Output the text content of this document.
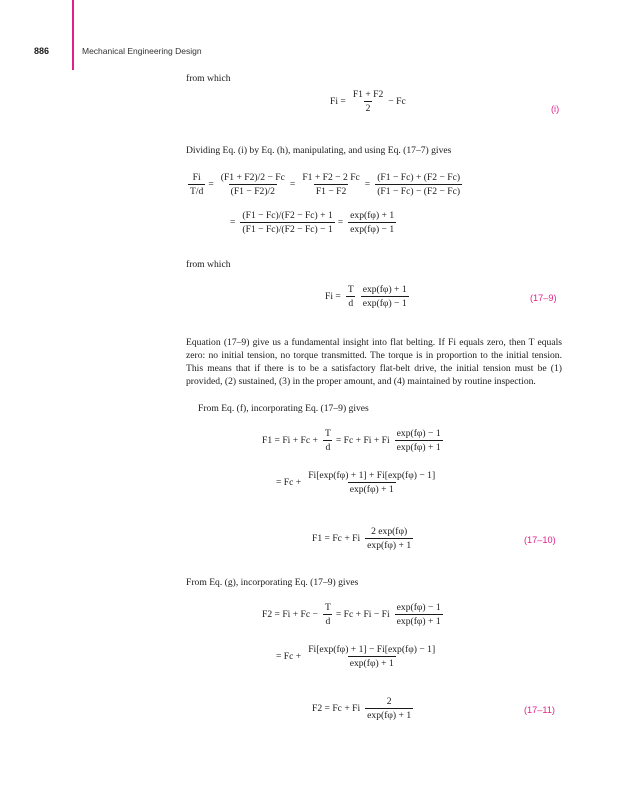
886	Mechanical Engineering Design
from which
$Fi = \frac{F1 + F2}{2} - Fc$
(i)
Dividing Eq. (i) by Eq. (h), manipulating, and using Eq. (17–7) gives
$\frac{Fi}{T/d} = \frac{(F1 + F2)/2 - Fc}{(F1 - F2)/2} = \frac{F1 + F2 - 2 Fc}{F1 - F2} = \frac{(F1 - Fc) + (F2 - Fc)}{(F1 - Fc) - (F2 - Fc)}$
= $\frac{(F1 - Fc)/(F2 - Fc) + 1}{(F1 - Fc)/(F2 - Fc) - 1} = \frac{\exp(f\varphi) + 1}{\exp(f\varphi) - 1}$
from which
$Fi = \frac{T}{d} \frac{\exp(f\varphi) + 1}{\exp(f\varphi) - 1}$	(17–9)
Equation (17–9) give us a fundamental insight into flat belting. If Fi equals zero, then T equals zero: no initial tension, no torque transmitted. The torque is in proportion to the initial tension. This means that if there is to be a satisfactory flat-belt drive, the initial tension must be (1) provided, (2) sustained, (3) in the proper amount, and (4) maintained by routine inspection.
From Eq. (f), incorporating Eq. (17–9) gives
$F1 = Fi + Fc + \frac{T}{d} = Fc + Fi + Fi \frac{\exp(f\varphi) - 1}{\exp(f\varphi) + 1}$
= $Fc + \frac{Fi[\exp(f\varphi) + 1] + Fi[\exp(f\varphi) - 1]}{\exp(f\varphi) + 1}$
F1 = Fc + Fi $\frac{2 \exp(f\varphi)}{\exp(f\varphi) + 1}$	(17–10)
From Eq. (g), incorporating Eq. (17–9) gives
$F2 = Fi + Fc - \frac{T}{d} = Fc + Fi - Fi \frac{\exp(f\varphi) - 1}{\exp(f\varphi) + 1}$
= $Fc + \frac{Fi[\exp(f\varphi) + 1] - Fi[\exp(f\varphi) - 1]}{\exp(f\varphi) + 1}$
F2 = Fc + Fi $\frac{2}{\exp(f\varphi) + 1}$	(17–11)
